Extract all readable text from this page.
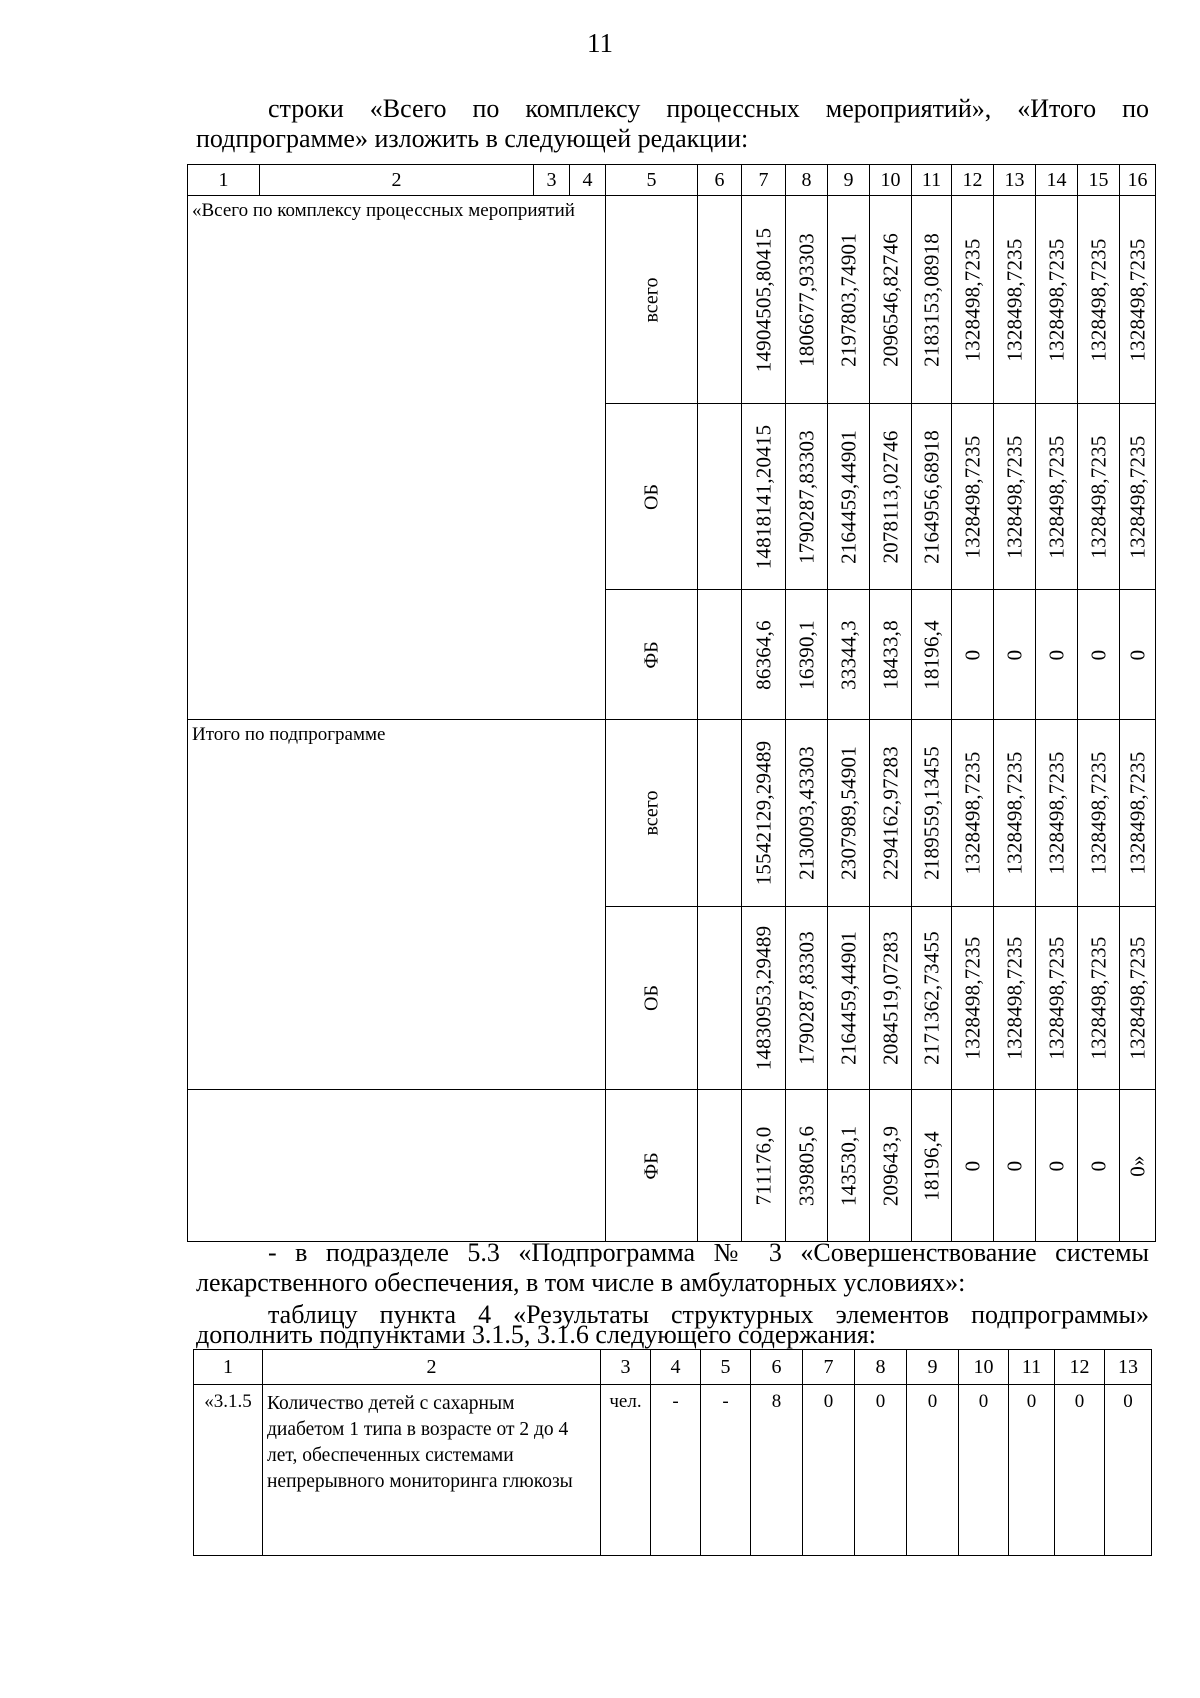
11
строки «Всего по комплексу процессных мероприятий», «Итого по
подпрограмме» изложить в следующей редакции:
1	2	3	4	5	6	7	8	9	10	11	12	13	14	15	16
«Всего по комплексу процессных мероприятий				всего		14904505,80415	1806677,93303	2197803,74901	2096546,82746	2183153,08918	1328498,7235	1328498,7235	1328498,7235	1328498,7235	1328498,7235

				ОБ		14818141,20415	1790287,83303	2164459,44901	2078113,02746	2164956,68918	1328498,7235	1328498,7235	1328498,7235	1328498,7235	1328498,7235

				ФБ		86364,6	16390,1	33344,3	18433,8	18196,4	0	0	0	0	0

Итого по подпрограмме				всего		15542129,29489	2130093,43303	2307989,54901	2294162,97283	2189559,13455	1328498,7235	1328498,7235	1328498,7235	1328498,7235	1328498,7235

				ОБ		14830953,29489	1790287,83303	2164459,44901	2084519,07283	2171362,73455	1328498,7235	1328498,7235	1328498,7235	1328498,7235	1328498,7235

				ФБ		711176,0	339805,6	143530,1	209643,9	18196,4	0	0	0	0	0»
- в подразделе 5.3 «Подпрограмма № 3 «Совершенствование системы
лекарственного обеспечения, в том числе в амбулаторных условиях»:
таблицу пункта 4 «Результаты структурных элементов подпрограммы»
дополнить подпунктами 3.1.5, 3.1.6 следующего содержания:
1	2	3	4	5	6	7	8	9	10	11	12	13
«3.1.5	Количество детей с сахарным диабетом 1 типа в возрасте от 2 до 4 лет, обеспеченных системами непрерывного мониторинга глюкозы	чел.	-	-	8	0	0	0	0	0	0	0
